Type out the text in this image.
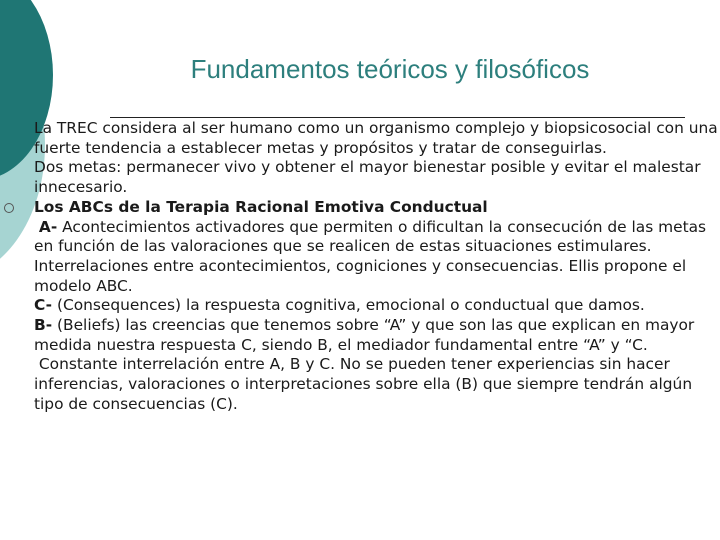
Fundamentos teóricos y filosóficos

La TREC considera al ser humano como un organismo complejo y biopsicosocial con una fuerte tendencia a establecer metas y propósitos y tratar de conseguirlas.

Dos metas: permanecer vivo y obtener el mayor bienestar posible y evitar el malestar innecesario.

Los ABCs de la Terapia Racional Emotiva Conductual

A- Acontecimientos activadores que permiten o dificultan la consecución de las metas en función de las valoraciones que se realicen de estas situaciones estimulares.

Interrelaciones entre acontecimientos, cogniciones y consecuencias. Ellis propone el modelo ABC.

C- (Consequences) la respuesta cognitiva, emocional o conductual que damos.

B- (Beliefs) las creencias que tenemos sobre “A” y que son las que explican en mayor medida nuestra respuesta C, siendo B, el mediador fundamental entre “A” y “C.

Constante interrelación entre A, B y C. No se pueden tener experiencias sin hacer inferencias, valoraciones o interpretaciones sobre ella (B) que siempre tendrán algún tipo de consecuencias (C).
